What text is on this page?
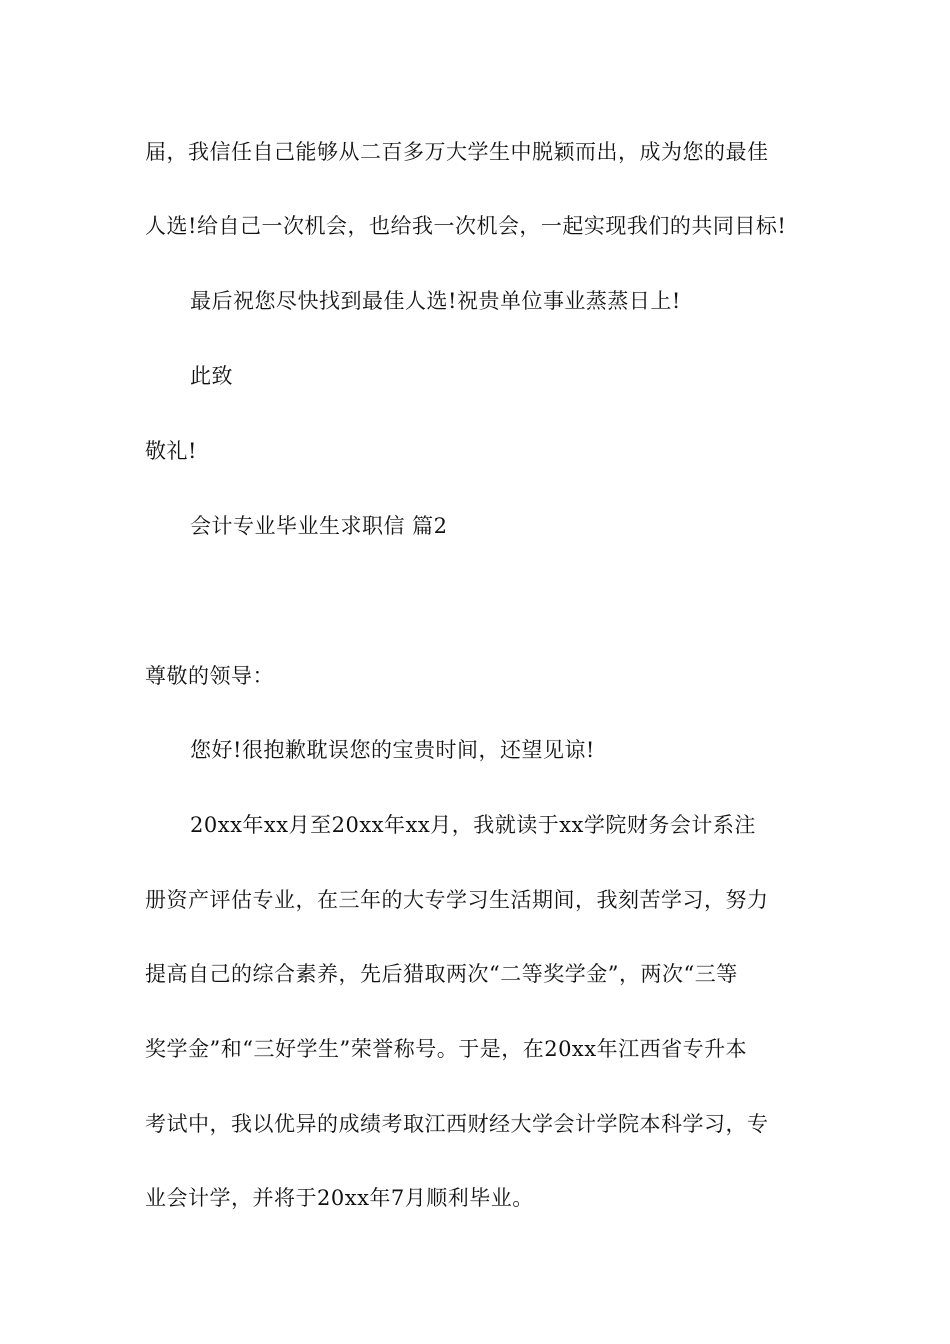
届，我信任自己能够从二百多万大学生中脱颖而出，成为您的最佳
人选!给自己一次机会，也给我一次机会，一起实现我们的共同目标!
最后祝您尽快找到最佳人选!祝贵单位事业蒸蒸日上!
此致
敬礼!
会计专业毕业生求职信 篇2
尊敬的领导：
您好!很抱歉耽误您的宝贵时间，还望见谅!
20xx年xx月至20xx年xx月，我就读于xx学院财务会计系注
册资产评估专业，在三年的大专学习生活期间，我刻苦学习，努力
提高自己的综合素养，先后猎取两次“二等奖学金”，两次“三等
奖学金”和“三好学生”荣誉称号。于是，在20xx年江西省专升本
考试中，我以优异的成绩考取江西财经大学会计学院本科学习，专
业会计学，并将于20xx年7月顺利毕业。
